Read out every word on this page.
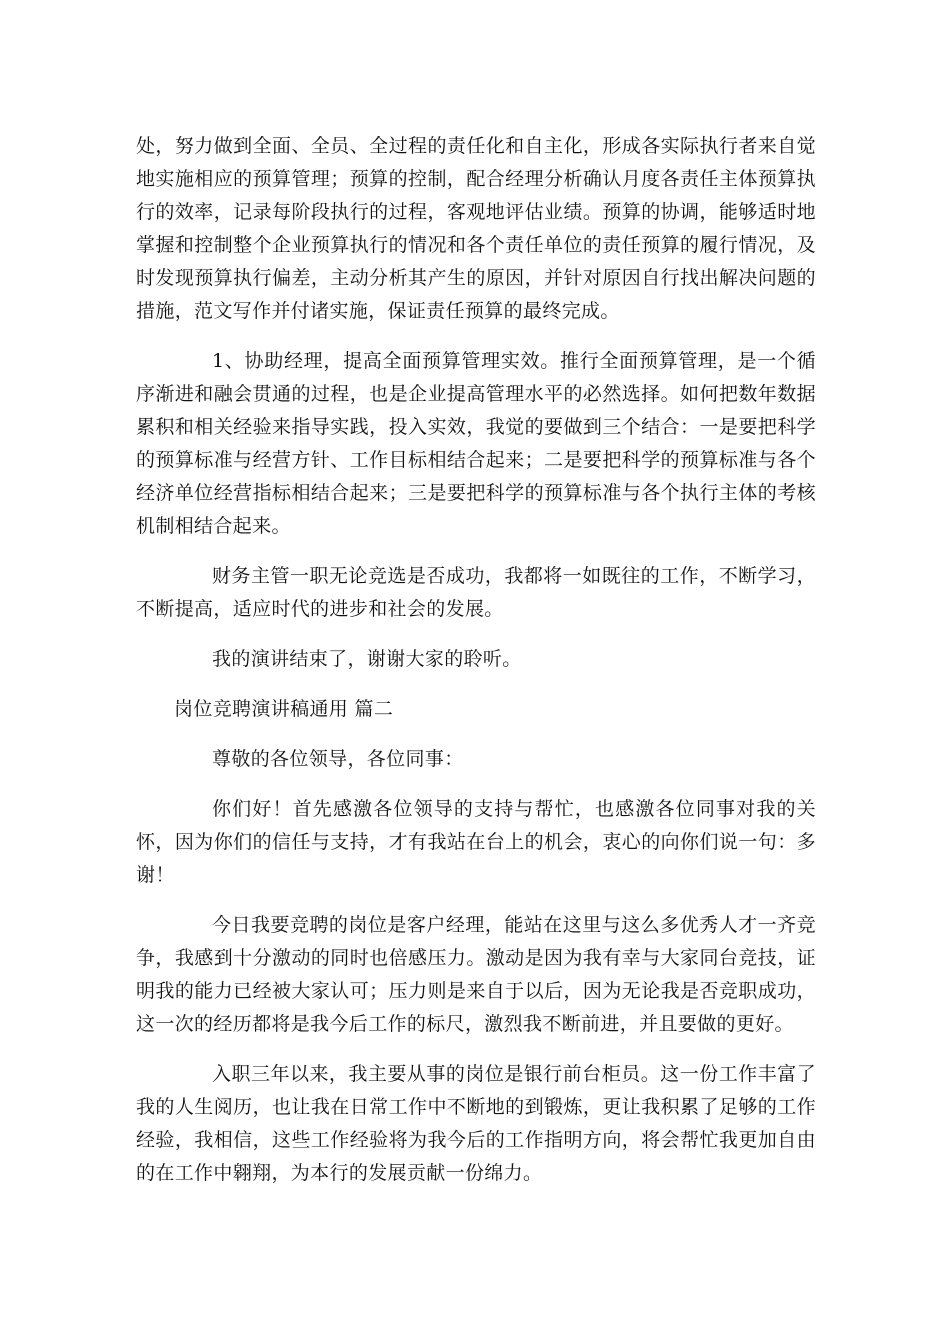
处，努力做到全面、全员、全过程的责任化和自主化，形成各实际执行者来自觉地实施相应的预算管理；预算的控制，配合经理分析确认月度各责任主体预算执行的效率，记录每阶段执行的过程，客观地评估业绩。预算的协调，能够适时地掌握和控制整个企业预算执行的情况和各个责任单位的责任预算的履行情况，及时发现预算执行偏差，主动分析其产生的原因，并针对原因自行找出解决问题的措施，范文写作并付诸实施，保证责任预算的最终完成。

1、协助经理，提高全面预算管理实效。推行全面预算管理，是一个循序渐进和融会贯通的过程，也是企业提高管理水平的必然选择。如何把数年数据累积和相关经验来指导实践，投入实效，我觉的要做到三个结合：一是要把科学的预算标准与经营方针、工作目标相结合起来；二是要把科学的预算标准与各个经济单位经营指标相结合起来；三是要把科学的预算标准与各个执行主体的考核机制相结合起来。

财务主管一职无论竞选是否成功，我都将一如既往的工作，不断学习，不断提高，适应时代的进步和社会的发展。

我的演讲结束了，谢谢大家的聆听。

岗位竞聘演讲稿通用 篇二

尊敬的各位领导，各位同事：

你们好！首先感激各位领导的支持与帮忙，也感激各位同事对我的关怀，因为你们的信任与支持，才有我站在台上的机会，衷心的向你们说一句：多谢！

今日我要竞聘的岗位是客户经理，能站在这里与这么多优秀人才一齐竞争，我感到十分激动的同时也倍感压力。激动是因为我有幸与大家同台竞技，证明我的能力已经被大家认可；压力则是来自于以后，因为无论我是否竞职成功，这一次的经历都将是我今后工作的标尺，激烈我不断前进，并且要做的更好。

入职三年以来，我主要从事的岗位是银行前台柜员。这一份工作丰富了我的人生阅历，也让我在日常工作中不断地的到锻炼，更让我积累了足够的工作经验，我相信，这些工作经验将为我今后的工作指明方向，将会帮忙我更加自由的在工作中翱翔，为本行的发展贡献一份绵力。
